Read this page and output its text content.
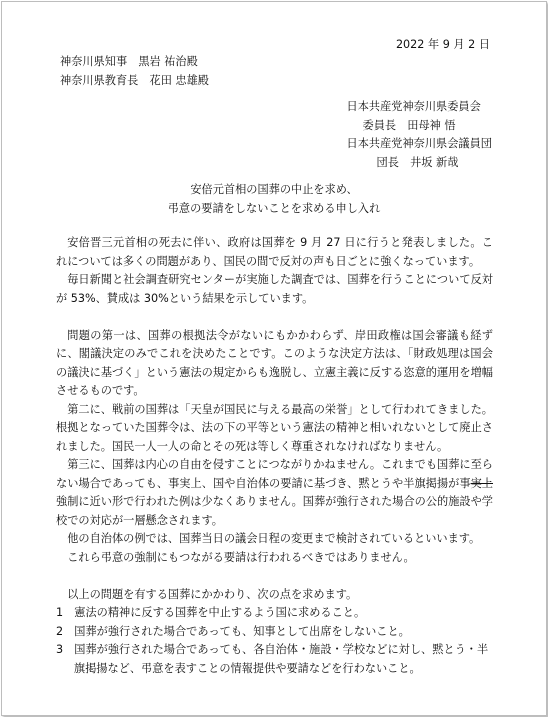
2022 年 9 月 2 日
神奈川県知事　黒岩 祐治殿
神奈川県教育長　花田 忠雄殿
日本共産党神奈川県委員会
委員長　田母神 悟
日本共産党神奈川県会議員団
団長　井坂 新哉
安倍元首相の国葬の中止を求め、
弔意の要請をしないことを求める申し入れ

安倍晋三元首相の死去に伴い、政府は国葬を 9 月 27 日に行うと発表しました。これについては多くの問題があり、国民の間で反対の声も日ごとに強くなっています。

毎日新聞と社会調査研究センターが実施した調査では、国葬を行うことについて反対が 53%、賛成は 30%という結果を示しています。

問題の第一は、国葬の根拠法令がないにもかかわらず、岸田政権は国会審議も経ずに、閣議決定のみでこれを決めたことです。このような決定方法は、「財政処理は国会の議決に基づく」という憲法の規定からも逸脱し、立憲主義に反する恣意的運用を増幅させるものです。

第二に、戦前の国葬は「天皇が国民に与える最高の栄誉」として行われてきました。根拠となっていた国葬令は、法の下の平等という憲法の精神と相いれないとして廃止されました。国民一人一人の命とその死は等しく尊重されなければなりません。

第三に、国葬は内心の自由を侵すことにつながりかねません。これまでも国葬に至らない場合であっても、事実上、国や自治体の要請に基づき、黙とうや半旗掲揚が事実上強制に近い形で行われた例は少なくありません。国葬が強行された場合の公的施設や学校での対応が一層懸念されます。

他の自治体の例では、国葬当日の議会日程の変更まで検討されているといいます。

これら弔意の強制にもつながる要請は行われるべきではありません。

以上の問題を有する国葬にかかわり、次の点を求めます。

1　憲法の精神に反する国葬を中止するよう国に求めること。
2　国葬が強行された場合であっても、知事として出席をしないこと。
3　国葬が強行された場合であっても、各自治体・施設・学校などに対し、黙とう・半旗掲揚など、弔意を表すことの情報提供や要請などを行わないこと。
